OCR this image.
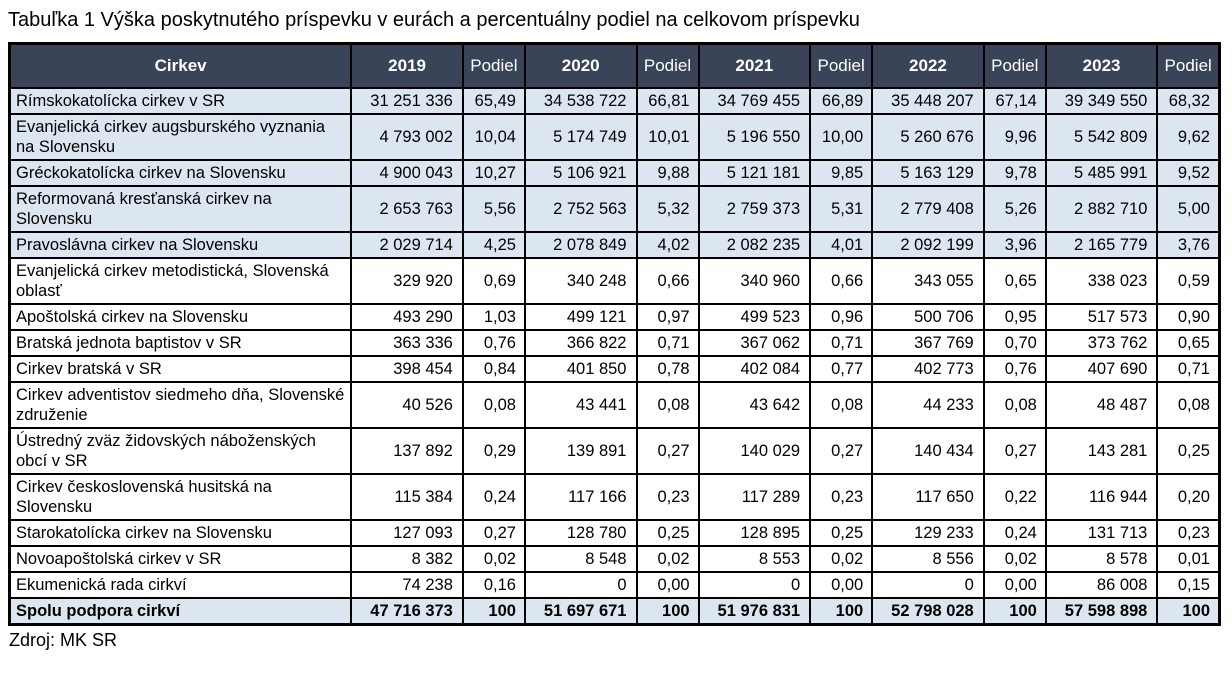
Tabuľka 1 Výška poskytnutého príspevku v eurách a percentuálny podiel na celkovom príspevku
Cirkev	2019	Podiel	2020	Podiel	2021	Podiel	2022	Podiel	2023	Podiel
Rímskokatolícka cirkev v SR	31 251 336	65,49	34 538 722	66,81	34 769 455	66,89	35 448 207	67,14	39 349 550	68,32
Evanjelická cirkev augsburského vyznania na Slovensku	4 793 002	10,04	5 174 749	10,01	5 196 550	10,00	5 260 676	9,96	5 542 809	9,62
Gréckokatolícka cirkev na Slovensku	4 900 043	10,27	5 106 921	9,88	5 121 181	9,85	5 163 129	9,78	5 485 991	9,52
Reformovaná kresťanská cirkev na Slovensku	2 653 763	5,56	2 752 563	5,32	2 759 373	5,31	2 779 408	5,26	2 882 710	5,00
Pravoslávna cirkev na Slovensku	2 029 714	4,25	2 078 849	4,02	2 082 235	4,01	2 092 199	3,96	2 165 779	3,76
Evanjelická cirkev metodistická, Slovenská oblasť	329 920	0,69	340 248	0,66	340 960	0,66	343 055	0,65	338 023	0,59
Apoštolská cirkev na Slovensku	493 290	1,03	499 121	0,97	499 523	0,96	500 706	0,95	517 573	0,90
Bratská jednota baptistov v SR	363 336	0,76	366 822	0,71	367 062	0,71	367 769	0,70	373 762	0,65
Cirkev bratská v SR	398 454	0,84	401 850	0,78	402 084	0,77	402 773	0,76	407 690	0,71
Cirkev adventistov siedmeho dňa, Slovenské združenie	40 526	0,08	43 441	0,08	43 642	0,08	44 233	0,08	48 487	0,08
Ústredný zväz židovských náboženských obcí v SR	137 892	0,29	139 891	0,27	140 029	0,27	140 434	0,27	143 281	0,25
Cirkev československá husitská na Slovensku	115 384	0,24	117 166	0,23	117 289	0,23	117 650	0,22	116 944	0,20
Starokatolícka cirkev na Slovensku	127 093	0,27	128 780	0,25	128 895	0,25	129 233	0,24	131 713	0,23
Novoapoštolská cirkev v SR	8 382	0,02	8 548	0,02	8 553	0,02	8 556	0,02	8 578	0,01
Ekumenická rada cirkví	74 238	0,16	0	0,00	0	0,00	0	0,00	86 008	0,15
Spolu podpora cirkví	47 716 373	100	51 697 671	100	51 976 831	100	52 798 028	100	57 598 898	100
Zdroj: MK SR
